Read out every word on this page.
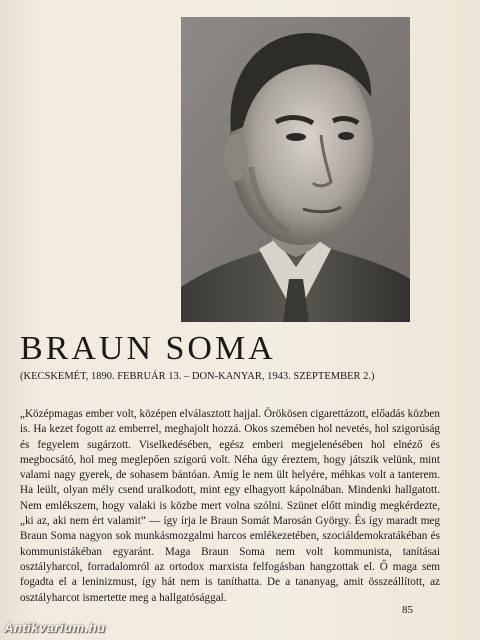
BRAUN SOMA
(KECSKEMÉT, 1890. FEBRUÁR 13. – DON-KANYAR, 1943. SZEPTEMBER 2.)

„Középmagas ember volt, középen elválasztott hajjal. Örökösen cigarettázott, előadás közben is. Ha kezet fogott az emberrel, meghajolt hozzá. Okos szemében hol nevetés, hol szigorúság és fegyelem sugárzott. Viselkedésében, egész emberi megjelenésében hol elnéző és megbocsátó, hol meg meglepően szigorú volt. Néha úgy éreztem, hogy játszik velünk, mint valami nagy gyerek, de sohasem bántóan. Amíg le nem ült helyére, méhkas volt a tanterem. Ha leült, olyan mély csend uralkodott, mint egy elhagyott kápolnában. Mindenki hallgatott. Nem emlékszem, hogy valaki is közbe mert volna szólni. Szünet előtt mindig megkérdezte, „ki az, aki nem ért valamit” — így írja le Braun Somát Marosán György. És így maradt meg Braun Soma nagyon sok munkásmozgalmi harcos emlékezetében, szociáldemokratákéban és kommunistákéban egyaránt. Maga Braun Soma nem volt kommunista, tanításai osztályharcol, forradalomról az ortodox marxista felfogásban hangzottak el. Ő maga sem fogadta el a leninizmust, így hát nem is taníthatta. De a tananyag, amit összeállított, az osztályharcot ismertette meg a hallgatósággal.

85
Antikvarium.hu
